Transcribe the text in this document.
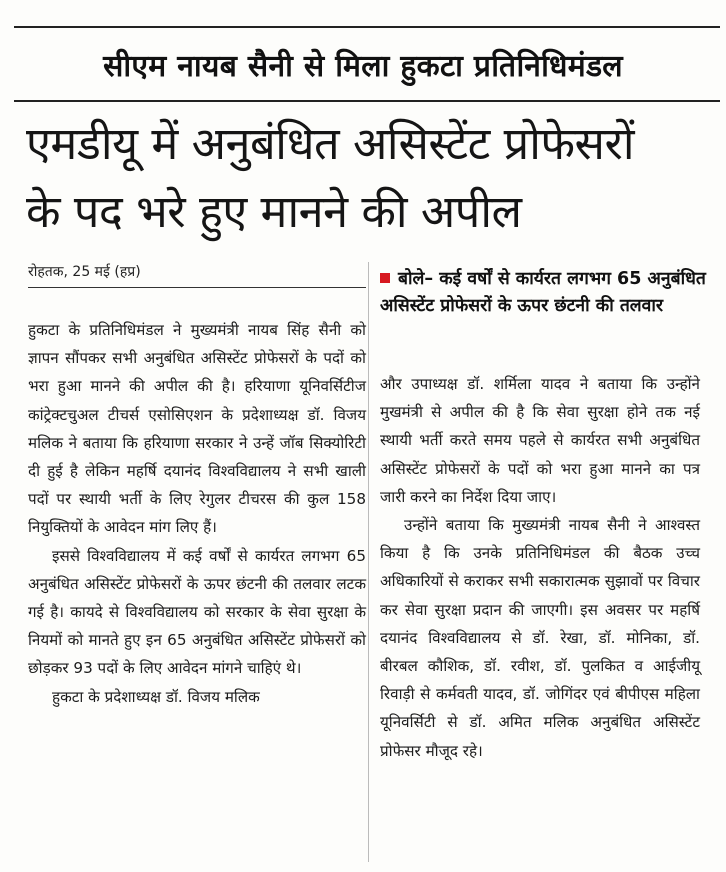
सीएम नायब सैनी से मिला हुकटा प्रतिनिधिमंडल
एमडीयू में अनुबंधित असिस्टेंट प्रोफेसरों
के पद भरे हुए मानने की अपील
रोहतक, 25 मई (हप्र)	बोले– कई वर्षों से कार्यरत लगभग 65 अनुबंधित असिस्टेंट प्रोफेसरों के ऊपर छंटनी की तलवार

हुकटा के प्रतिनिधिमंडल ने मुख्यमंत्री नायब सिंह सैनी को ज्ञापन सौंपकर सभी अनुबंधित असिस्टेंट प्रोफेसरों के पदों को भरा हुआ मानने की अपील की है। हरियाणा यूनिवर्सिटीज कांट्रेक्टचुअल टीचर्स एसोसिएशन के प्रदेशाध्यक्ष डॉ. विजय मलिक ने बताया कि हरियाणा सरकार ने उन्हें जॉब सिक्योरिटी दी हुई है लेकिन महर्षि दयानंद विश्वविद्यालय ने सभी खाली पदों पर स्थायी भर्ती के लिए रेगुलर टीचरस की कुल 158 नियुक्तियों के आवेदन मांग लिए हैं।

इससे विश्वविद्यालय में कई वर्षों से कार्यरत लगभग 65 अनुबंधित असिस्टेंट प्रोफेसरों के ऊपर छंटनी की तलवार लटक गई है। कायदे से विश्वविद्यालय को सरकार के सेवा सुरक्षा के नियमों को मानते हुए इन 65 अनुबंधित असिस्टेंट प्रोफेसरों को छोड़कर 93 पदों के लिए आवेदन मांगने चाहिएं थे।

हुकटा के प्रदेशाध्यक्ष डॉ. विजय मलिक

और उपाध्यक्ष डॉ. शर्मिला यादव ने बताया कि उन्होंने मुखमंत्री से अपील की है कि सेवा सुरक्षा होने तक नई स्थायी भर्ती करते समय पहले से कार्यरत सभी अनुबंधित असिस्टेंट प्रोफेसरों के पदों को भरा हुआ मानने का पत्र जारी करने का निर्देश दिया जाए।

उन्होंने बताया कि मुख्यमंत्री नायब सैनी ने आश्वस्त किया है कि उनके प्रतिनिधिमंडल की बैठक उच्च अधिकारियों से कराकर सभी सकारात्मक सुझावों पर विचार कर सेवा सुरक्षा प्रदान की जाएगी। इस अवसर पर महर्षि दयानंद विश्वविद्यालय से डॉ. रेखा, डॉ. मोनिका, डॉ. बीरबल कौशिक, डॉ. रवीश, डॉ. पुलकित व आईजीयू रिवाड़ी से कर्मवती यादव, डॉ. जोगिंदर एवं बीपीएस महिला यूनिवर्सिटी से डॉ. अमित मलिक अनुबंधित असिस्टेंट प्रोफेसर मौजूद रहे।
